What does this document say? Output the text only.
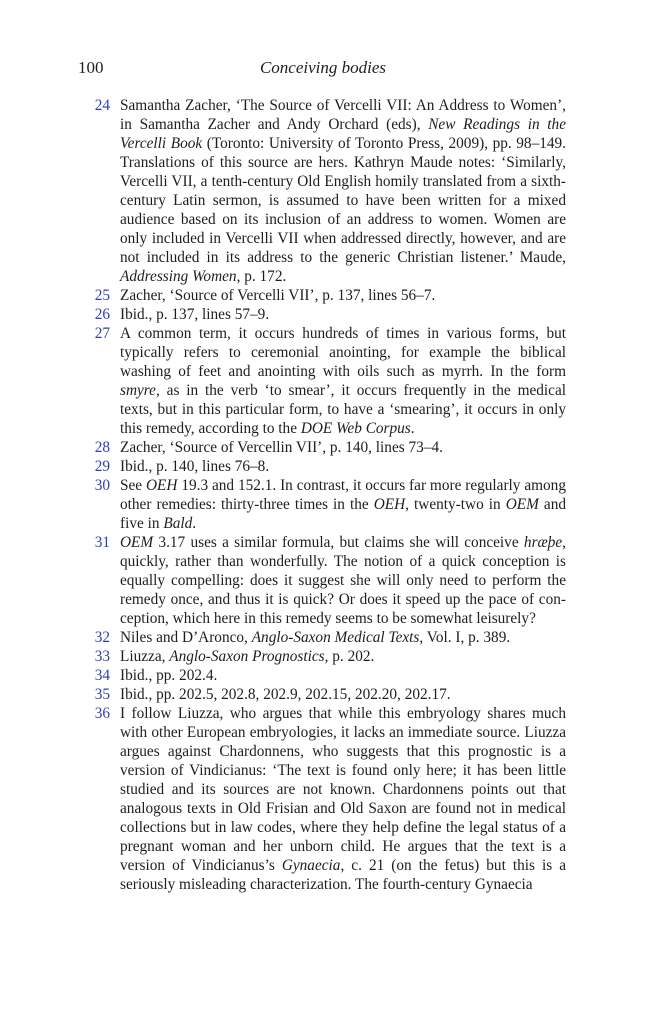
100	Conceiving bodies

24 Samantha Zacher, ‘The Source of Vercelli VII: An Address to Women’, in Samantha Zacher and Andy Orchard (eds), New Readings in the Vercelli Book (Toronto: University of Toronto Press, 2009), pp. 98–149. Translations of this source are hers. Kathryn Maude notes: ‘Similarly, Vercelli VII, a tenth-century Old English homily translated from a sixth-century Latin sermon, is assumed to have been written for a mixed audience based on its inclusion of an address to women. Women are only included in Vercelli VII when addressed directly, however, and are not included in its address to the generic Christian listener.’ Maude, Addressing Women, p. 172.

25 Zacher, ‘Source of Vercelli VII’, p. 137, lines 56–7.

26 Ibid., p. 137, lines 57–9.

27 A common term, it occurs hundreds of times in various forms, but typically refers to ceremonial anointing, for example the biblical washing of feet and anointing with oils such as myrrh. In the form smyre, as in the verb ‘to smear’, it occurs frequently in the medical texts, but in this particular form, to have a ‘smearing’, it occurs in only this remedy, according to the DOE Web Corpus.

28 Zacher, ‘Source of Vercellin VII’, p. 140, lines 73–4.

29 Ibid., p. 140, lines 76–8.

30 See OEH 19.3 and 152.1. In contrast, it occurs far more regularly among other remedies: thirty-three times in the OEH, twenty-two in OEM and five in Bald.

31 OEM 3.17 uses a similar formula, but claims she will conceive hræþe, quickly, rather than wonderfully. The notion of a quick conception is equally compelling: does it suggest she will only need to perform the remedy once, and thus it is quick? Or does it speed up the pace of conception, which here in this remedy seems to be somewhat leisurely?

32 Niles and D’Aronco, Anglo-Saxon Medical Texts, Vol. I, p. 389.

33 Liuzza, Anglo-Saxon Prognostics, p. 202.

34 Ibid., pp. 202.4.

35 Ibid., pp. 202.5, 202.8, 202.9, 202.15, 202.20, 202.17.

36 I follow Liuzza, who argues that while this embryology shares much with other European embryologies, it lacks an immediate source. Liuzza argues against Chardonnens, who suggests that this prognostic is a version of Vindicianus: ‘The text is found only here; it has been little studied and its sources are not known. Chardonnens points out that analogous texts in Old Frisian and Old Saxon are found not in medical collections but in law codes, where they help define the legal status of a pregnant woman and her unborn child. He argues that the text is a version of Vindicianus’s Gynaecia, c. 21 (on the fetus) but this is a seriously misleading characterization. The fourth-century Gynaecia
